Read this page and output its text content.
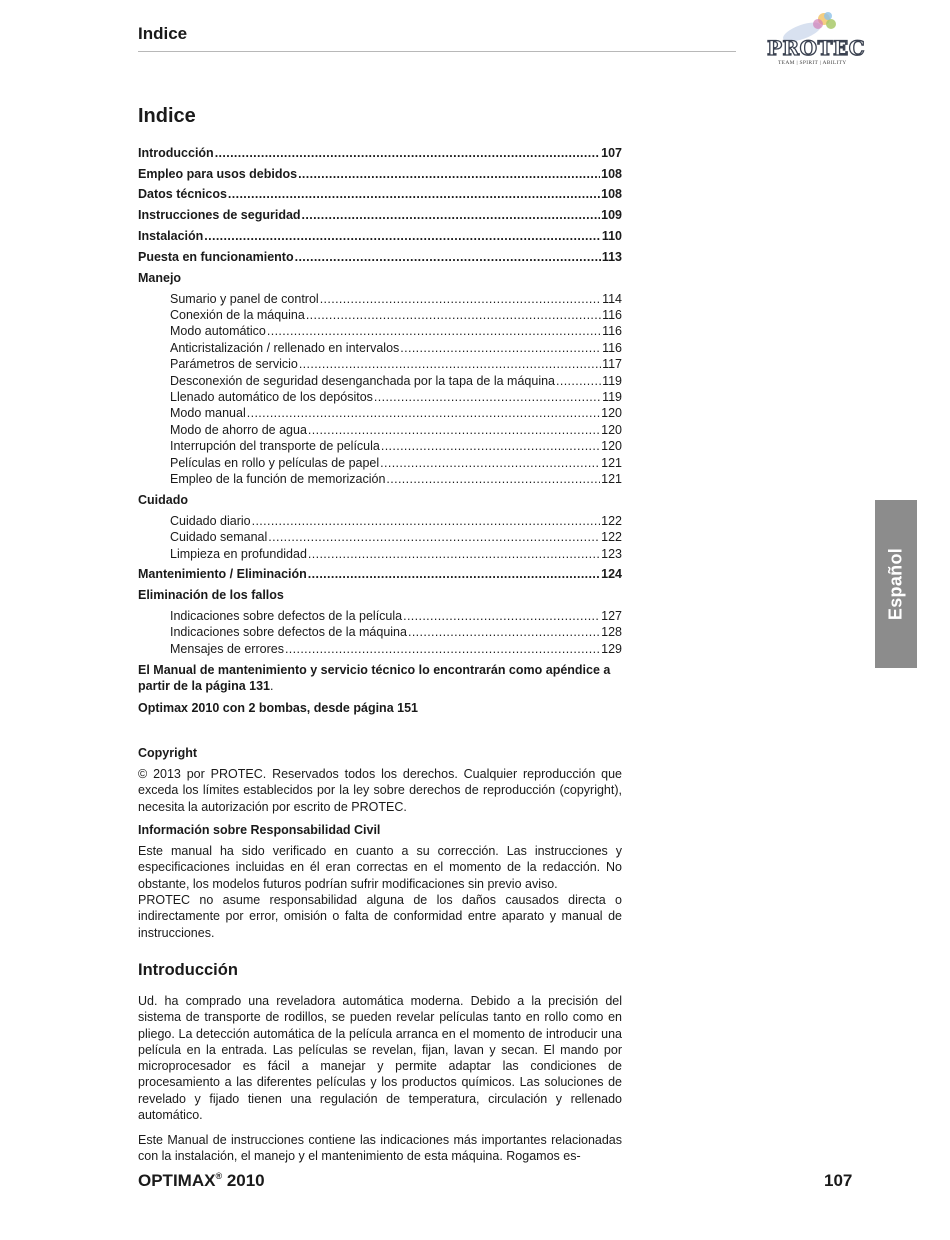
Indice
PROTEC
TEAM | SPIRIT | ABILITY
Indice
Introducción . . .	107
Empleo para usos debidos . . .	108
Datos técnicos . . .	108
Instrucciones de seguridad . . .	109
Instalación . . .	110
Puesta en funcionamiento . . .	113
Manejo
Sumario y panel de control . . .	114
Conexión de la máquina . . .	116
Modo automático . . .	116
Anticristalización / rellenado en intervalos . . .	116
Parámetros de servicio . . .	117
Desconexión de seguridad desenganchada por la tapa de la máquina . . .	119
Llenado automático de los depósitos . . .	119
Modo manual . . .	120
Modo de ahorro de agua . . .	120
Interrupción del transporte de película . . .	120
Películas en rollo y películas de papel . . .	121
Empleo de la función de memorización . . .	121
Cuidado
Cuidado diario . . .	122
Cuidado semanal . . .	122
Limpieza en profundidad . . .	123
Mantenimiento / Eliminación . . .	124
Eliminación de los fallos
Indicaciones sobre defectos de la película . . .	127
Indicaciones sobre defectos de la máquina . . .	128
Mensajes de errores . . .	129
El Manual de mantenimiento y servicio técnico lo encontrarán como apéndice a partir de la página 131.
Optimax 2010 con 2 bombas, desde página 151
Copyright
© 2013 por PROTEC. Reservados todos los derechos. Cualquier reproducción que exceda los límites establecidos por la ley sobre derechos de reproducción (copyright), necesita la autorización por escrito de PROTEC.
Información sobre Responsabilidad Civil
Este manual ha sido verificado en cuanto a su corrección. Las instrucciones y especificaciones incluidas en él eran correctas en el momento de la redacción. No obstante, los modelos futuros podrían sufrir modificaciones sin previo aviso.
PROTEC no asume responsabilidad alguna de los daños causados directa o indirectamente por error, omisión o falta de conformidad entre aparato y manual de instrucciones.
Introducción
Ud. ha comprado una reveladora automática moderna. Debido a la precisión del sistema de transporte de rodillos, se pueden revelar películas tanto en rollo como en pliego. La detección automática de la película arranca en el momento de introducir una película en la entrada. Las películas se revelan, fijan, lavan y secan. El mando por microprocesador es fácil a manejar y permite adaptar las condiciones de procesamiento a las diferentes películas y los productos químicos. Las soluciones de revelado y fijado tienen una regulación de temperatura, circulación y rellenado automático.
Este Manual de instrucciones contiene las indicaciones más importantes relacionadas con la instalación, el manejo y el mantenimiento de esta máquina. Rogamos es-
Español
OPTIMAX® 2010	107
